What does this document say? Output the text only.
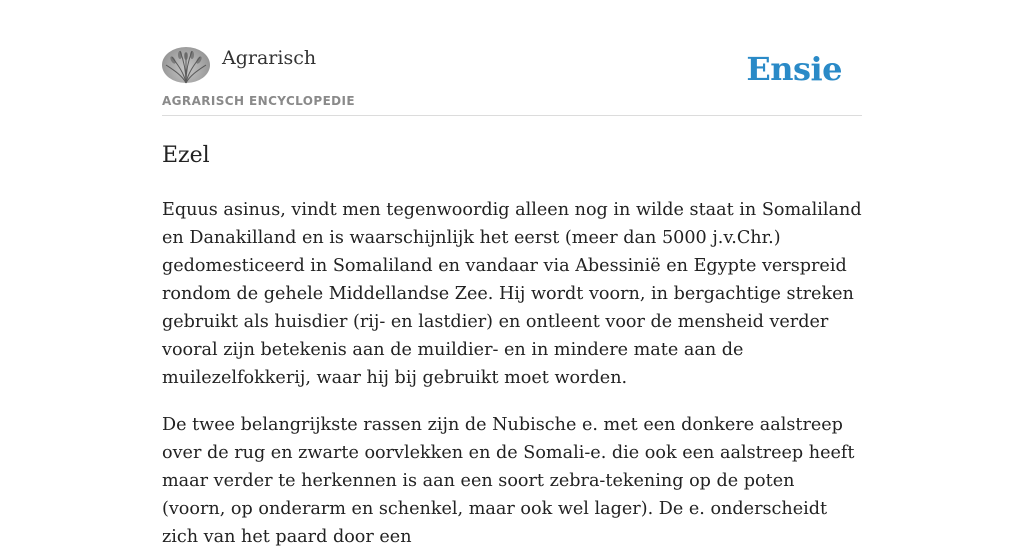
Agrarisch
AGRARISCH ENCYCLOPEDIE
Ensie
Ezel

Equus asinus, vindt men tegenwoordig alleen nog in wilde staat in Somaliland en Danakilland en is waarschijnlijk het eerst (meer dan 5000 j.v.Chr.) gedomesticeerd in Somaliland en vandaar via Abessinië en Egypte verspreid rondom de gehele Middellandse Zee. Hij wordt voorn, in bergachtige streken gebruikt als huisdier (rij- en lastdier) en ontleent voor de mensheid verder vooral zijn betekenis aan de muildier- en in mindere mate aan de muilezelfokkerij, waar hij bij gebruikt moet worden.

De twee belangrijkste rassen zijn de Nubische e. met een donkere aalstreep over de rug en zwarte oorvlekken en de Somali-e. die ook een aalstreep heeft maar verder te herkennen is aan een soort zebra-tekening op de poten (voorn, op onderarm en schenkel, maar ook wel lager). De e. onderscheidt zich van het paard door een
